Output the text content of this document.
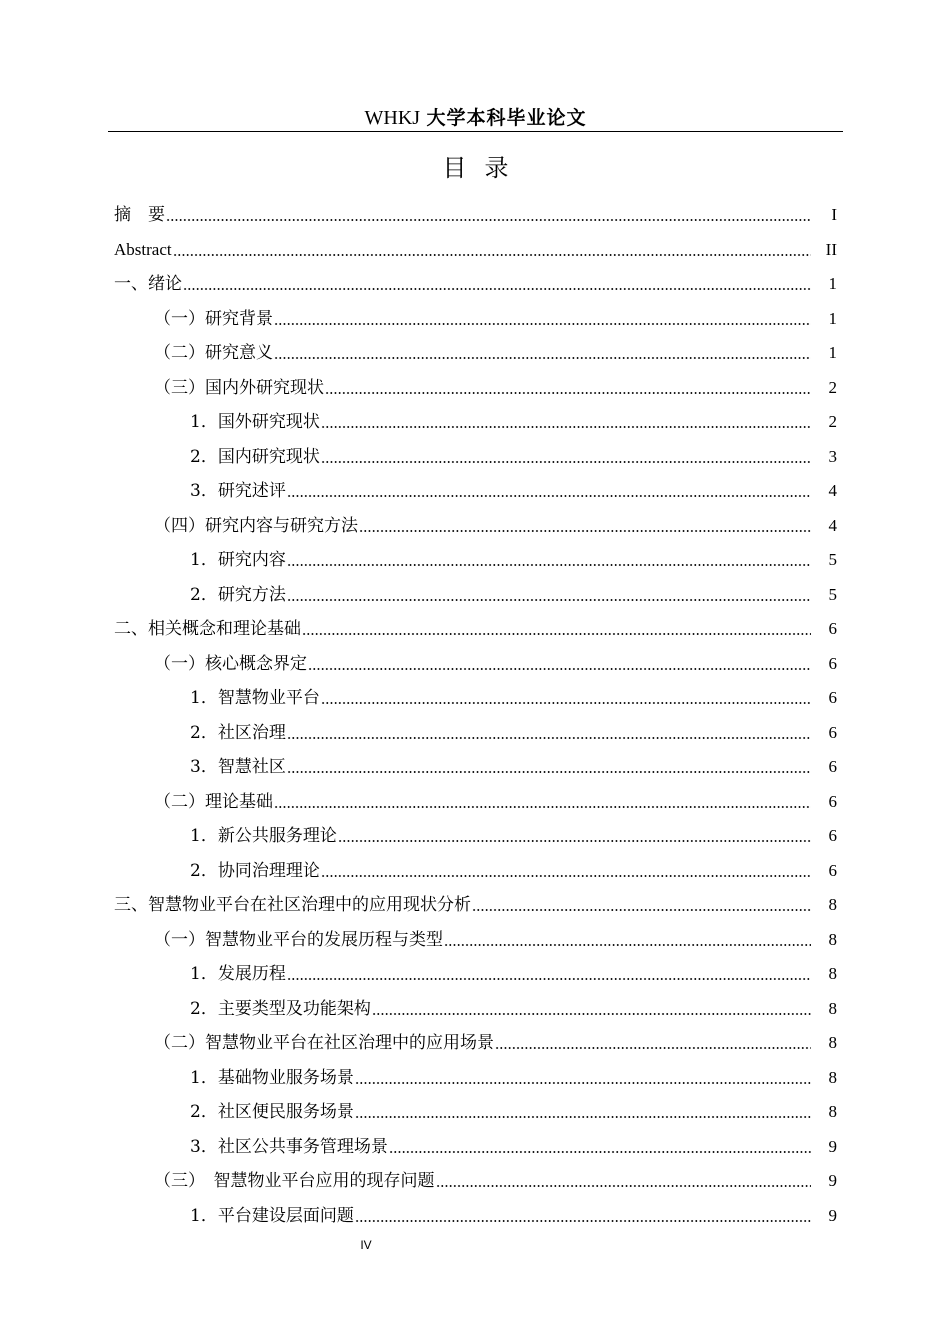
WHKJ 大学本科毕业论文
目录
摘　要	I
Abstract	II
一、绪论	1
（一）研究背景	1
（二）研究意义	1
（三）国内外研究现状	2
1．国外研究现状	2
2．国内研究现状	3
3．研究述评	4
（四）研究内容与研究方法	4
1．研究内容	5
2．研究方法	5
二、相关概念和理论基础	6
（一）核心概念界定	6
1．智慧物业平台	6
2．社区治理	6
3．智慧社区	6
（二）理论基础	6
1．新公共服务理论	6
2．协同治理理论	6
三、智慧物业平台在社区治理中的应用现状分析	8
（一）智慧物业平台的发展历程与类型	8
1．发展历程	8
2．主要类型及功能架构	8
（二）智慧物业平台在社区治理中的应用场景	8
1．基础物业服务场景	8
2．社区便民服务场景	8
3．社区公共事务管理场景	9
（三）　智慧物业平台应用的现存问题	9
1．平台建设层面问题	9
IV
